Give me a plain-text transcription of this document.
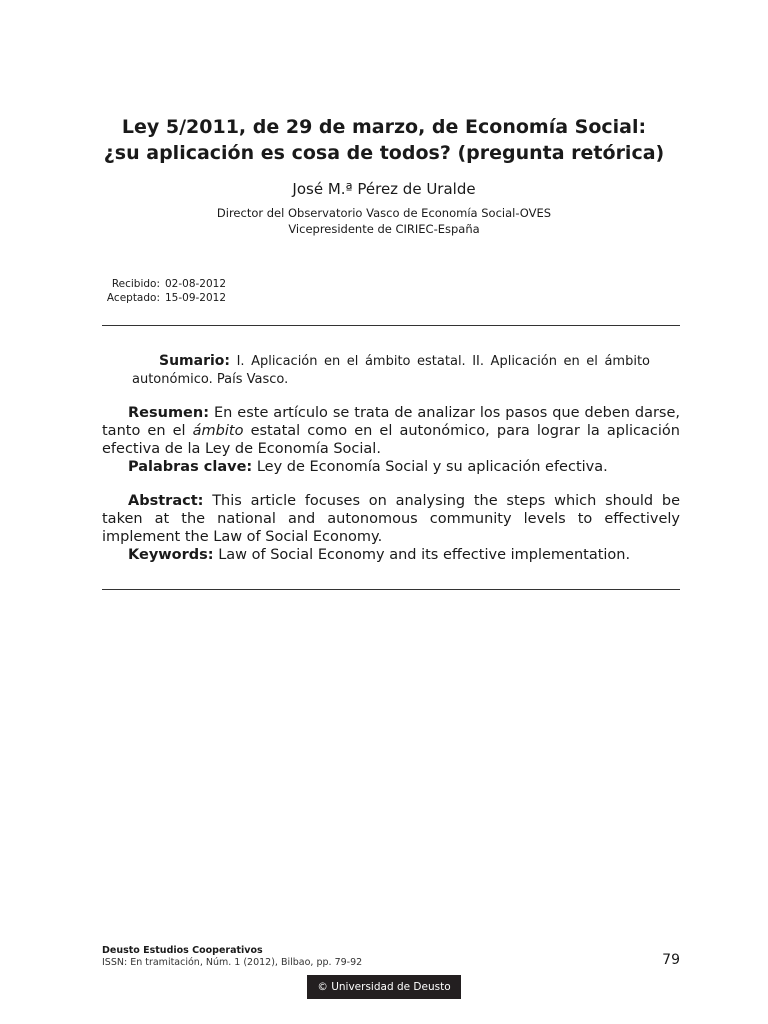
Ley 5/2011, de 29 de marzo, de Economía Social:
¿su aplicación es cosa de todos? (pregunta retórica)
José M.ª Pérez de Uralde
Director del Observatorio Vasco de Economía Social-OVES
Vicepresidente de CIRIEC-España
Recibido: 02-08-2012
Aceptado: 15-09-2012
Sumario: I. Aplicación en el ámbito estatal. II. Aplicación en el ámbito autonómico. País Vasco.

Resumen: En este artículo se trata de analizar los pasos que deben darse, tanto en el ámbito estatal como en el autonómico, para lograr la aplicación efectiva de la Ley de Economía Social.

Palabras clave: Ley de Economía Social y su aplicación efectiva.

Abstract: This article focuses on analysing the steps which should be taken at the national and autonomous community levels to effectively implement the Law of Social Economy.

Keywords: Law of Social Economy and its effective implementation.

Deusto Estudios Cooperativos
ISSN: En tramitación, Núm. 1 (2012), Bilbao, pp. 79-92	79
© Universidad de Deusto
